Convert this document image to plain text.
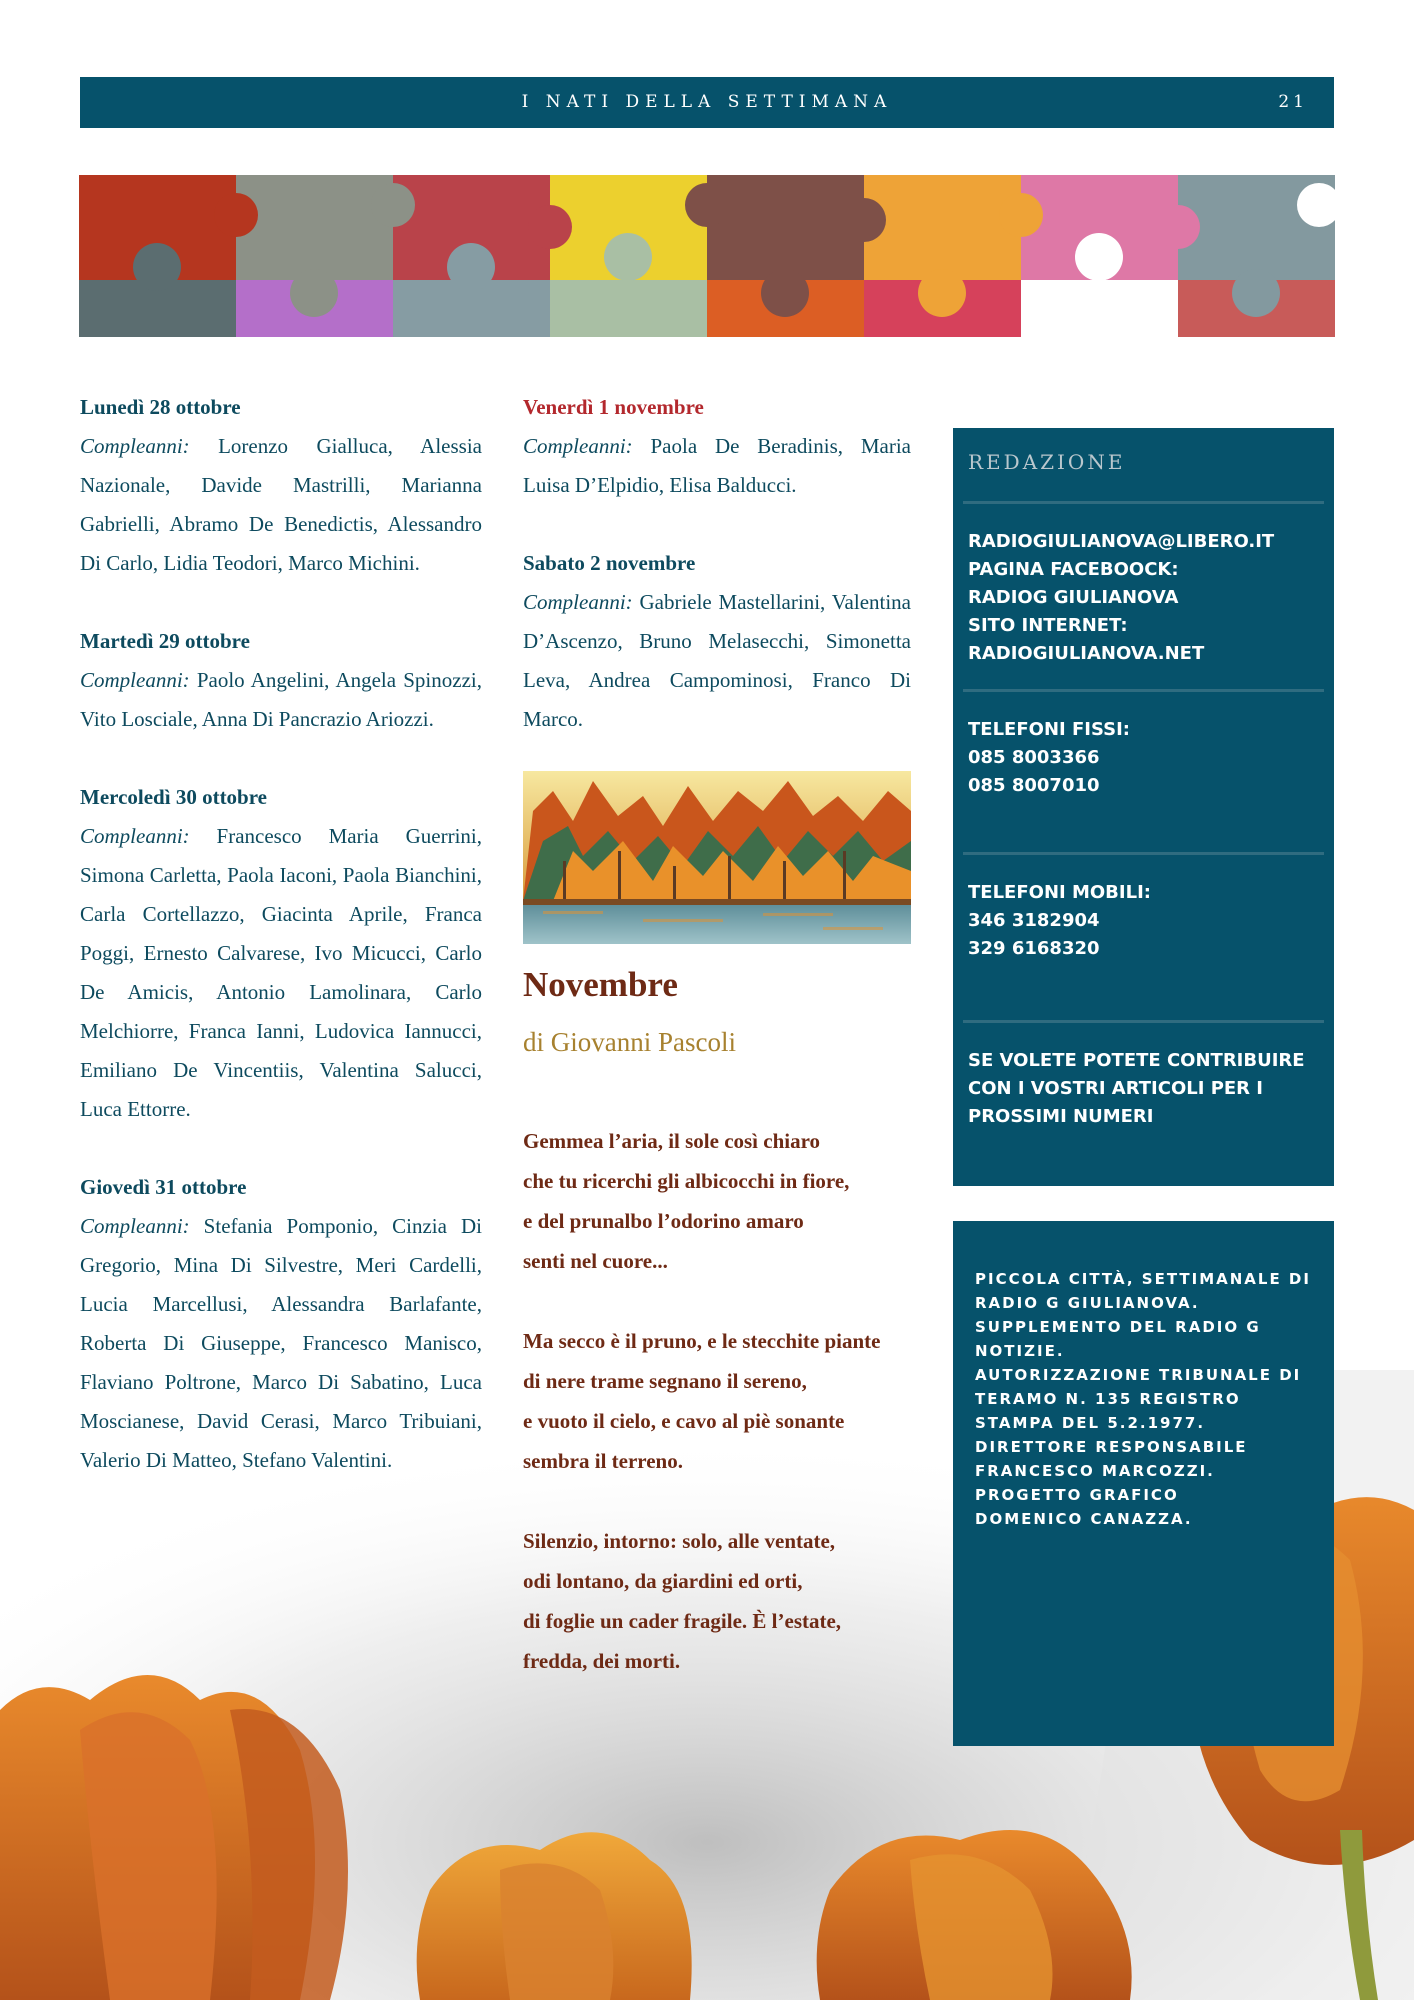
I NATI DELLA SETTIMANA	21
Lunedì 28 ottobre
Compleanni: Lorenzo Gialluca, Alessia Nazionale, Davide Mastrilli, Marianna Gabrielli, Abramo De Benedictis, Alessandro Di Carlo, Lidia Teodori, Marco Michini.
Martedì 29 ottobre
Compleanni: Paolo Angelini, Angela Spinozzi, Vito Losciale, Anna Di Pancrazio Ariozzi.
Mercoledì 30 ottobre
Compleanni: Francesco Maria Guerrini, Simona Carletta, Paola Iaconi, Paola Bianchini, Carla Cortellazzo, Giacinta Aprile, Franca Poggi, Ernesto Calvarese, Ivo Micucci, Carlo De Amicis, Antonio Lamolinara, Carlo Melchiorre, Franca Ianni, Ludovica Iannucci, Emiliano De Vincentiis, Valentina Salucci, Luca Ettorre.
Giovedì 31 ottobre
Compleanni: Stefania Pomponio, Cinzia Di Gregorio, Mina Di Silvestre, Meri Cardelli, Lucia Marcellusi, Alessandra Barlafante, Roberta Di Giuseppe, Francesco Manisco, Flaviano Poltrone, Marco Di Sabatino, Luca Moscianese, David Cerasi, Marco Tribuiani, Valerio Di Matteo, Stefano Valentini.
Venerdì 1 novembre
Compleanni: Paola De Beradinis, Maria Luisa D’Elpidio, Elisa Balducci.
Sabato 2 novembre
Compleanni: Gabriele Mastellarini, Valentina D’Ascenzo, Bruno Melasecchi, Simonetta Leva, Andrea Campominosi, Franco Di Marco.
Novembre
di Giovanni Pascoli
Gemmea l’aria, il sole così chiaro
che tu ricerchi gli albicocchi in fiore,
e del prunalbo l’odorino amaro
senti nel cuore...
Ma secco è il pruno, e le stecchite piante
di nere trame segnano il sereno,
e vuoto il cielo, e cavo al piè sonante
sembra il terreno.
Silenzio, intorno: solo, alle ventate,
odi lontano, da giardini ed orti,
di foglie un cader fragile. È l’estate,
fredda, dei morti.
REDAZIONE
RADIOGIULIANOVA@LIBERO.IT
PAGINA FACEBOOCK:
RADIOG GIULIANOVA
SITO INTERNET:
RADIOGIULIANOVA.NET
TELEFONI FISSI:
085 8003366
085 8007010
TELEFONI MOBILI:
346 3182904
329 6168320
SE VOLETE POTETE CONTRIBUIRE
CON I VOSTRI ARTICOLI PER I
PROSSIMI NUMERI
PICCOLA CITTÀ, SETTIMANALE DI
RADIO G GIULIANOVA.
SUPPLEMENTO DEL RADIO G
NOTIZIE.
AUTORIZZAZIONE TRIBUNALE DI
TERAMO N. 135 REGISTRO
STAMPA DEL 5.2.1977.
DIRETTORE RESPONSABILE
FRANCESCO MARCOZZI.
PROGETTO GRAFICO
DOMENICO CANAZZA.
